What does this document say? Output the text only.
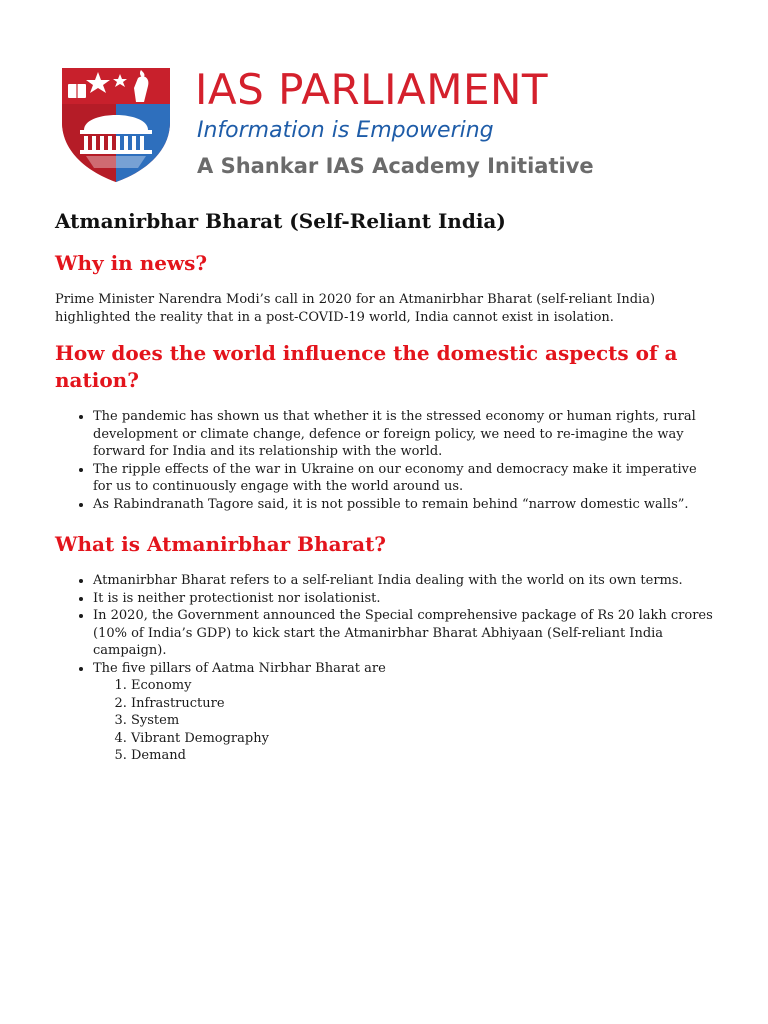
IAS PARLIAMENT
Information is Empowering
A Shankar IAS Academy Initiative
Atmanirbhar Bharat (Self-Reliant India)
Why in news?

Prime Minister Narendra Modi’s call in 2020 for an Atmanirbhar Bharat (self-reliant India) highlighted the reality that in a post-COVID-19 world, India cannot exist in isolation.

How does the world influence the domestic aspects of a nation?
• The pandemic has shown us that whether it is the stressed economy or human rights, rural development or climate change, defence or foreign policy, we need to re-imagine the way forward for India and its relationship with the world.
• The ripple effects of the war in Ukraine on our economy and democracy make it imperative for us to continuously engage with the world around us.
• As Rabindranath Tagore said, it is not possible to remain behind “narrow domestic walls”.
What is Atmanirbhar Bharat?
• Atmanirbhar Bharat refers to a self-reliant India dealing with the world on its own terms.
• It is is neither protectionist nor isolationist.
• In 2020, the Government announced the Special comprehensive package of Rs 20 lakh crores (10% of India’s GDP) to kick start the Atmanirbhar Bharat Abhiyaan (Self-reliant India campaign).
• The five pillars of Aatma Nirbhar Bharat are
1. Economy
2. Infrastructure
3. System
4. Vibrant Demography
5. Demand
